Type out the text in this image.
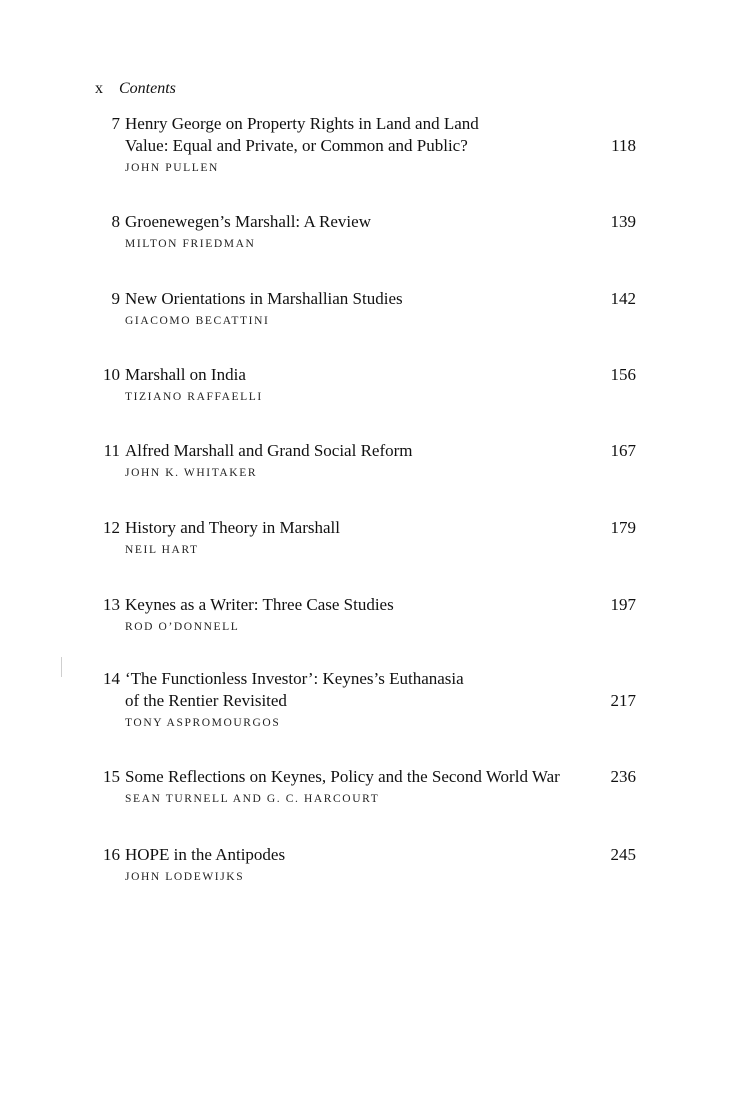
x Contents
7 Henry George on Property Rights in Land and Land
Value: Equal and Private, or Common and Public?
JOHN PULLEN
118
8 Groenewegen’s Marshall: A Review
MILTON FRIEDMAN
139
9 New Orientations in Marshallian Studies
GIACOMO BECATTINI
142
10 Marshall on India
TIZIANO RAFFAELLI
156
11 Alfred Marshall and Grand Social Reform
JOHN K. WHITAKER
167
12 History and Theory in Marshall
NEIL HART
179
13 Keynes as a Writer: Three Case Studies
ROD O’DONNELL
197
14 ‘The Functionless Investor’: Keynes’s Euthanasia
of the Rentier Revisited
TONY ASPROMOURGOS
217
15 Some Reflections on Keynes, Policy and the Second World War
SEAN TURNELL AND G. C. HARCOURT
236
16 HOPE in the Antipodes
JOHN LODEWIJKS
245
